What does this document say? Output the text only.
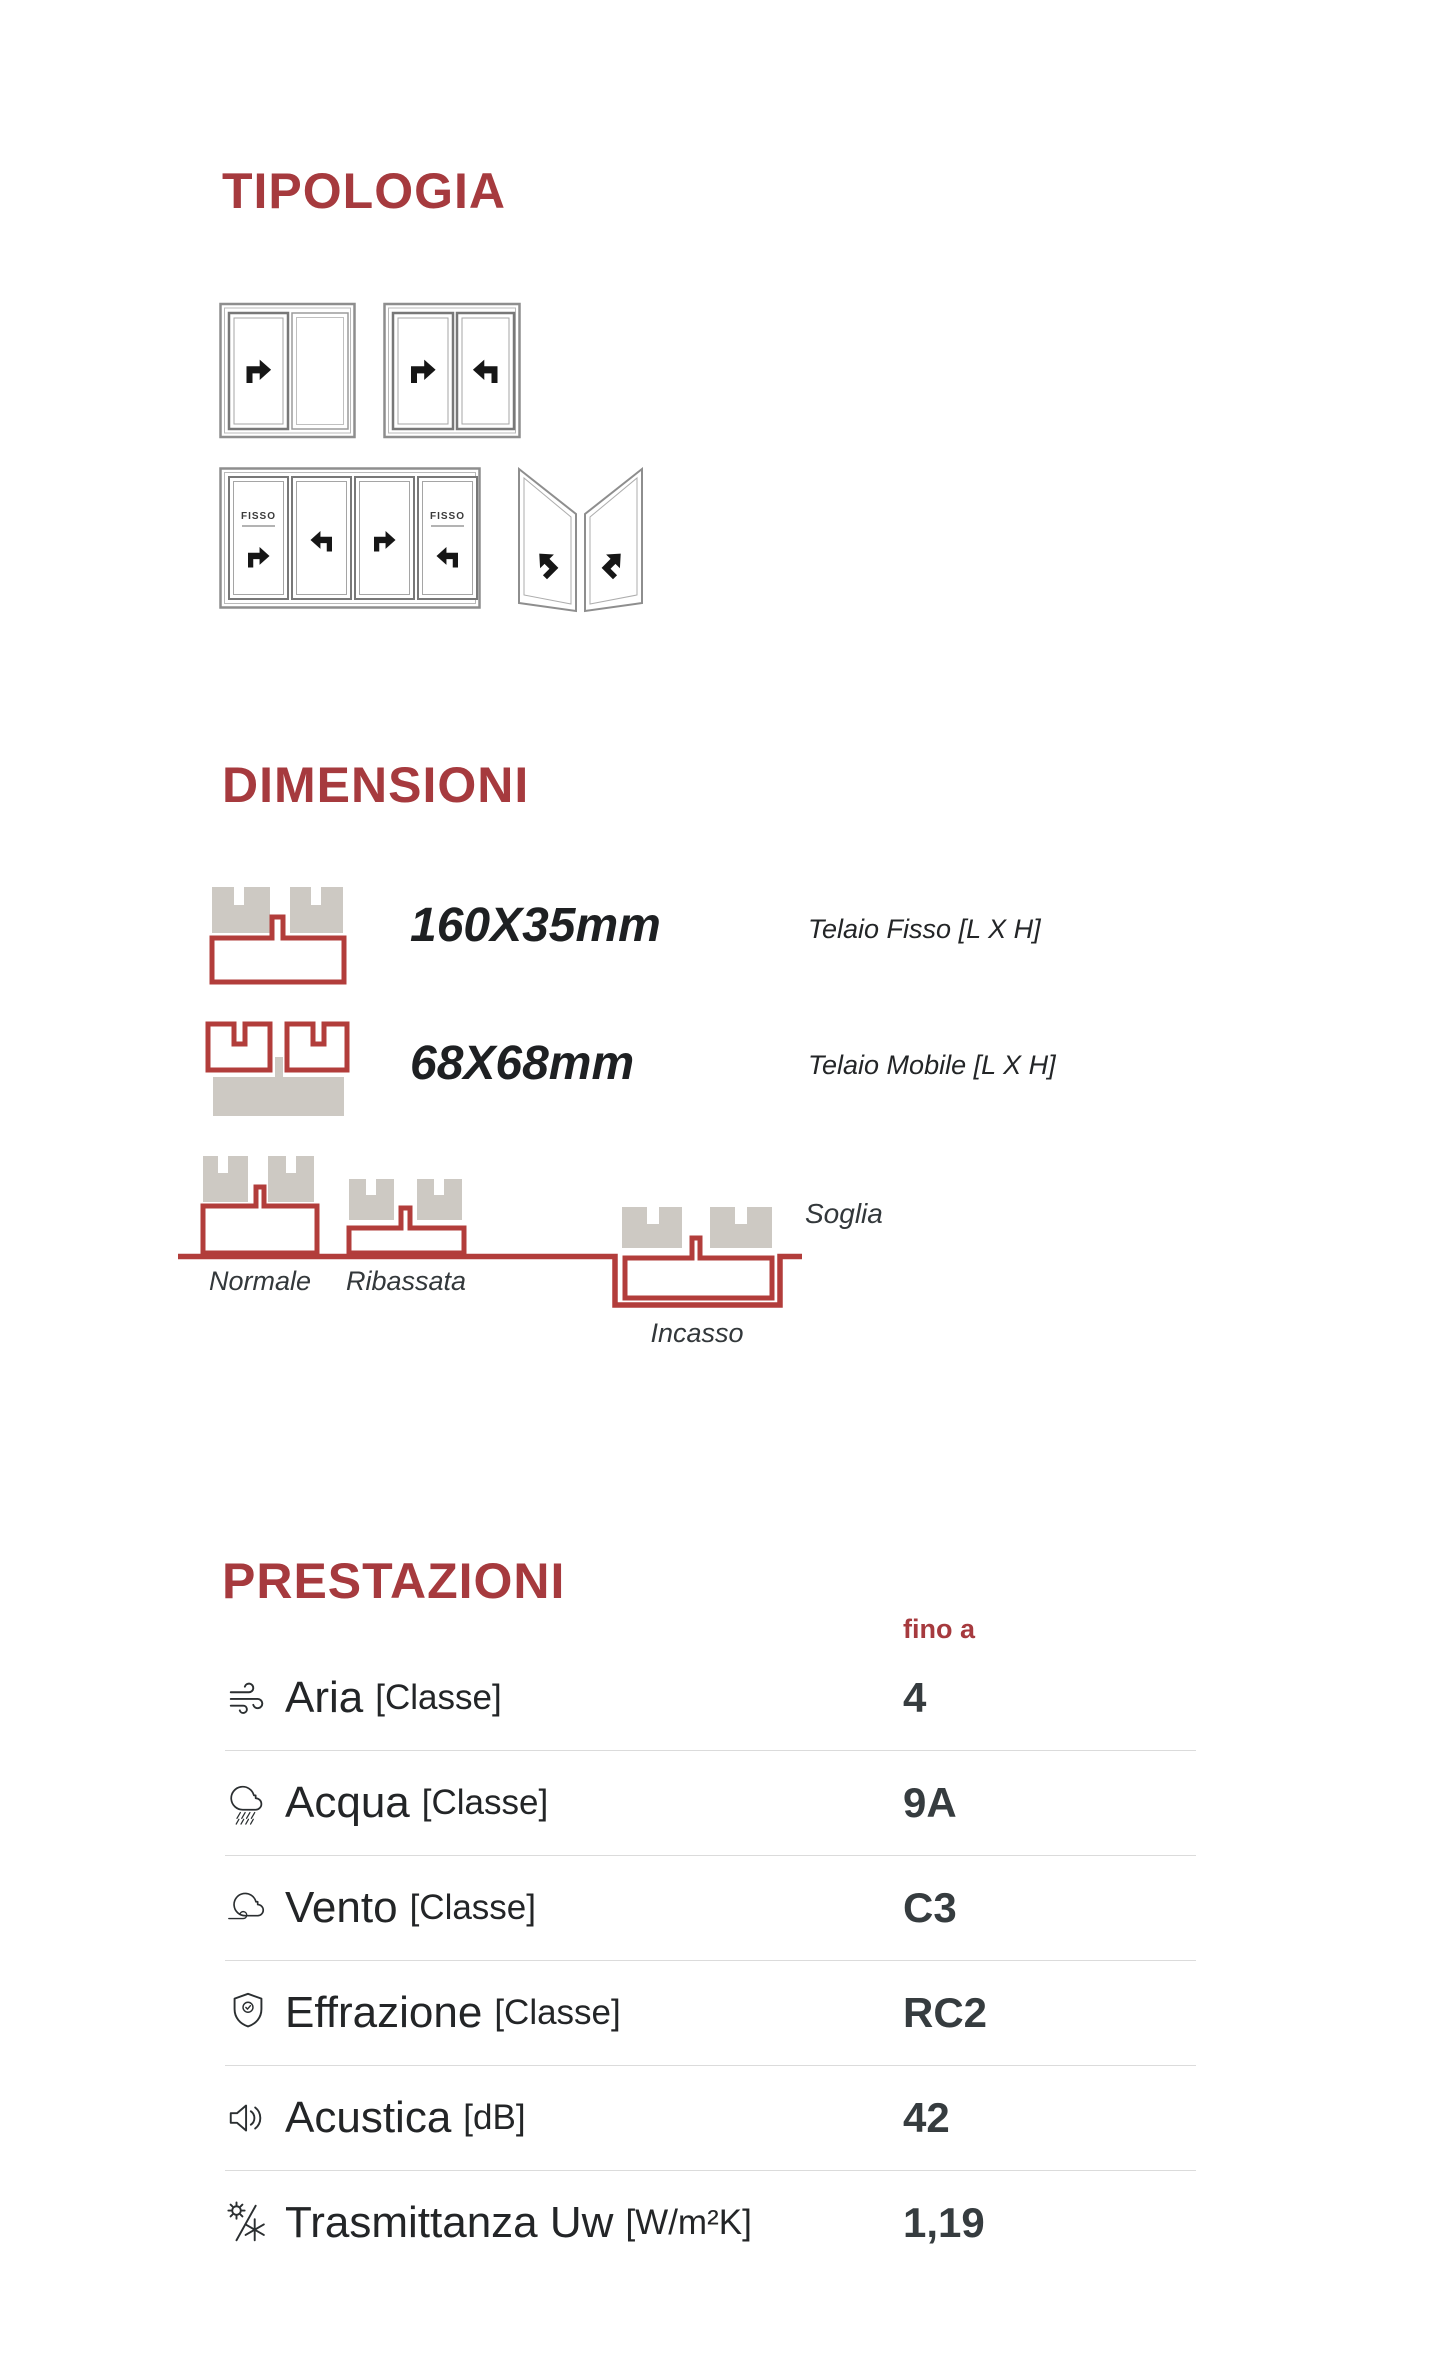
TIPOLOGIA
FISSO	FISSO
DIMENSIONI
160X35mm	Telaio Fisso [L X H]
68X68mm	Telaio Mobile [L X H]
Normale Ribassata
Incasso
Soglia
PRESTAZIONI
fino a
Aria [Classe]	4
Acqua [Classe]	9A
Vento [Classe]	C3
Effrazione [Classe]	RC2
Acustica [dB]	42
Trasmittanza Uw [W/m²K]	1,19
